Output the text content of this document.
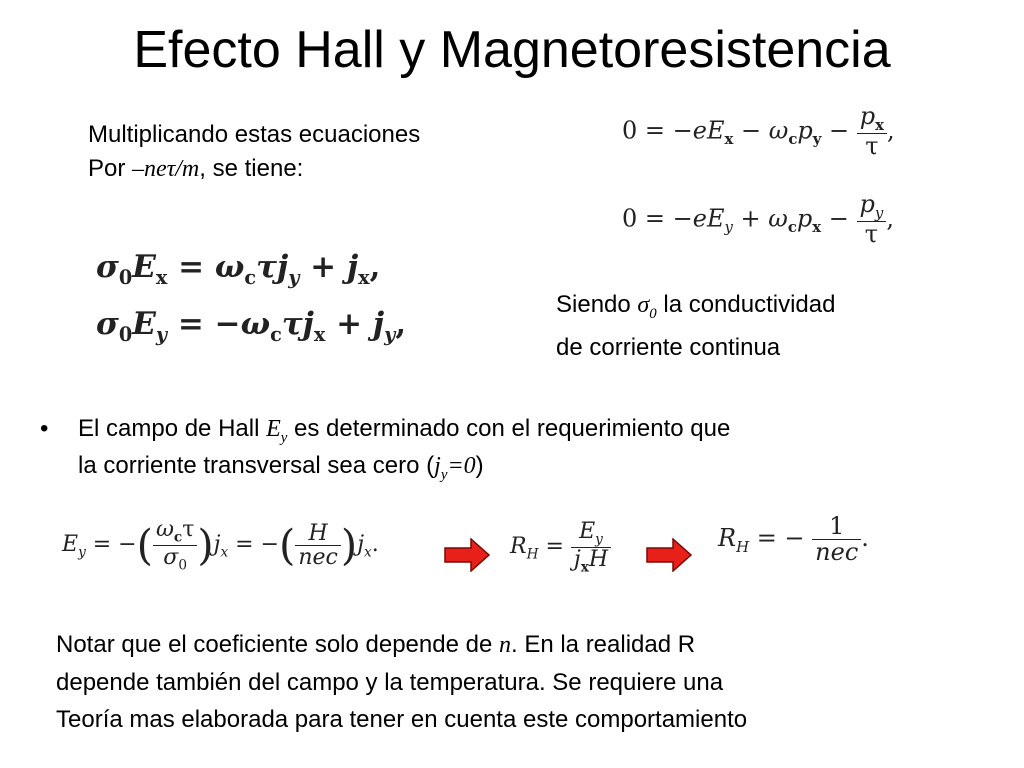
Efecto Hall y Magnetoresistencia
Multiplicando estas ecuaciones
Por –neτ/m, se tiene:
$0 = -eE_x - \omega_cp_y - \frac{p_x}{\tau}$ ,
$0 = -eE_y + \omega_cp_x - \frac{p_y}{\tau}$ ,
$\sigma_0E_x = \omega_c\tau j_y + j_x$,
$\sigma_0E_y = -\omega_c\tau j_x + j_y$,
Siendo $\sigma_0$ la conductividad
de corriente continua
• El campo de Hall $E_y$ es determinado con el requerimiento que
la corriente transversal sea cero $(j_y=0)$
$E_y$ = −( $\frac{\omega_c\tau}{\sigma_0} )j_x$ = −( $\frac{H}{\text{nec}} )j_x$.	$R_H = \frac{E_y}{j_xH}$	$R_H$ = − $\frac{1}{\text{nec}}$ .
Notar que el coeficiente solo depende de n. En la realidad R
depende también del campo y la temperatura. Se requiere una
Teoría mas elaborada para tener en cuenta este comportamiento
